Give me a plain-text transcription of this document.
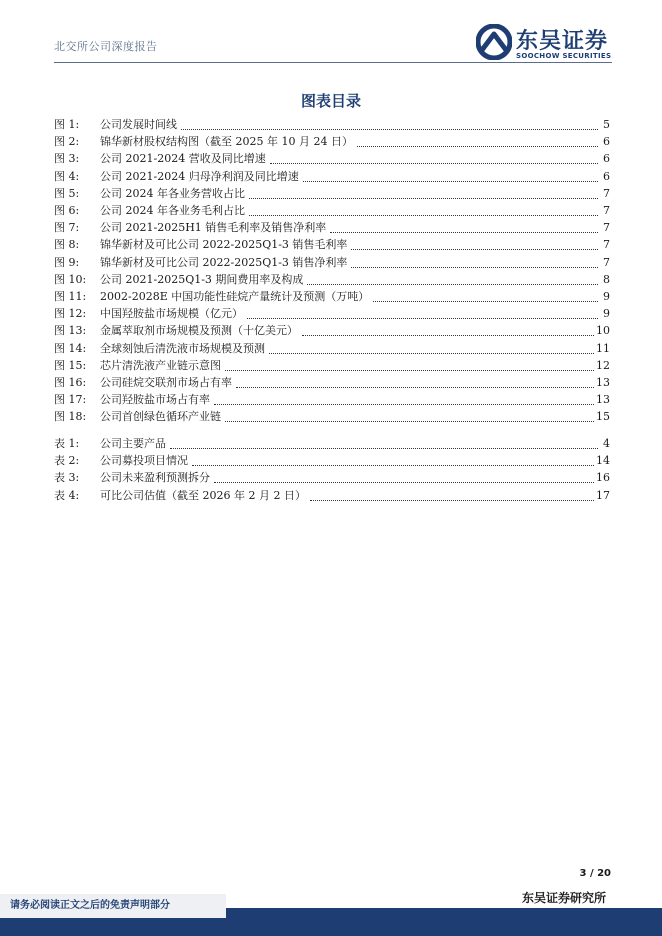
北交所公司深度报告	东吴证券
SOOCHOW SECURITIES
图表目录
图 1:	公司发展时间线	5
图 2:	锦华新材股权结构图（截至 2025 年 10 月 24 日）	6
图 3:	公司 2021-2024 营收及同比增速	6
图 4:	公司 2021-2024 归母净利润及同比增速	6
图 5:	公司 2024 年各业务营收占比	7
图 6:	公司 2024 年各业务毛利占比	7
图 7:	公司 2021-2025H1 销售毛利率及销售净利率	7
图 8:	锦华新材及可比公司 2022-2025Q1-3 销售毛利率	7
图 9:	锦华新材及可比公司 2022-2025Q1-3 销售净利率	7
图 10:	公司 2021-2025Q1-3 期间费用率及构成	8
图 11:	2002-2028E 中国功能性硅烷产量统计及预测（万吨）	9
图 12:	中国羟胺盐市场规模（亿元）	9
图 13:	金属萃取剂市场规模及预测（十亿美元）	10
图 14:	全球刻蚀后清洗液市场规模及预测	11
图 15:	芯片清洗液产业链示意图	12
图 16:	公司硅烷交联剂市场占有率	13
图 17:	公司羟胺盐市场占有率	13
图 18:	公司首创绿色循环产业链	15
表 1:	公司主要产品	4
表 2:	公司募投项目情况	14
表 3:	公司未来盈利预测拆分	16
表 4:	可比公司估值（截至 2026 年 2 月 2 日）	17
3 / 20
东吴证券研究所
请务必阅读正文之后的免责声明部分
